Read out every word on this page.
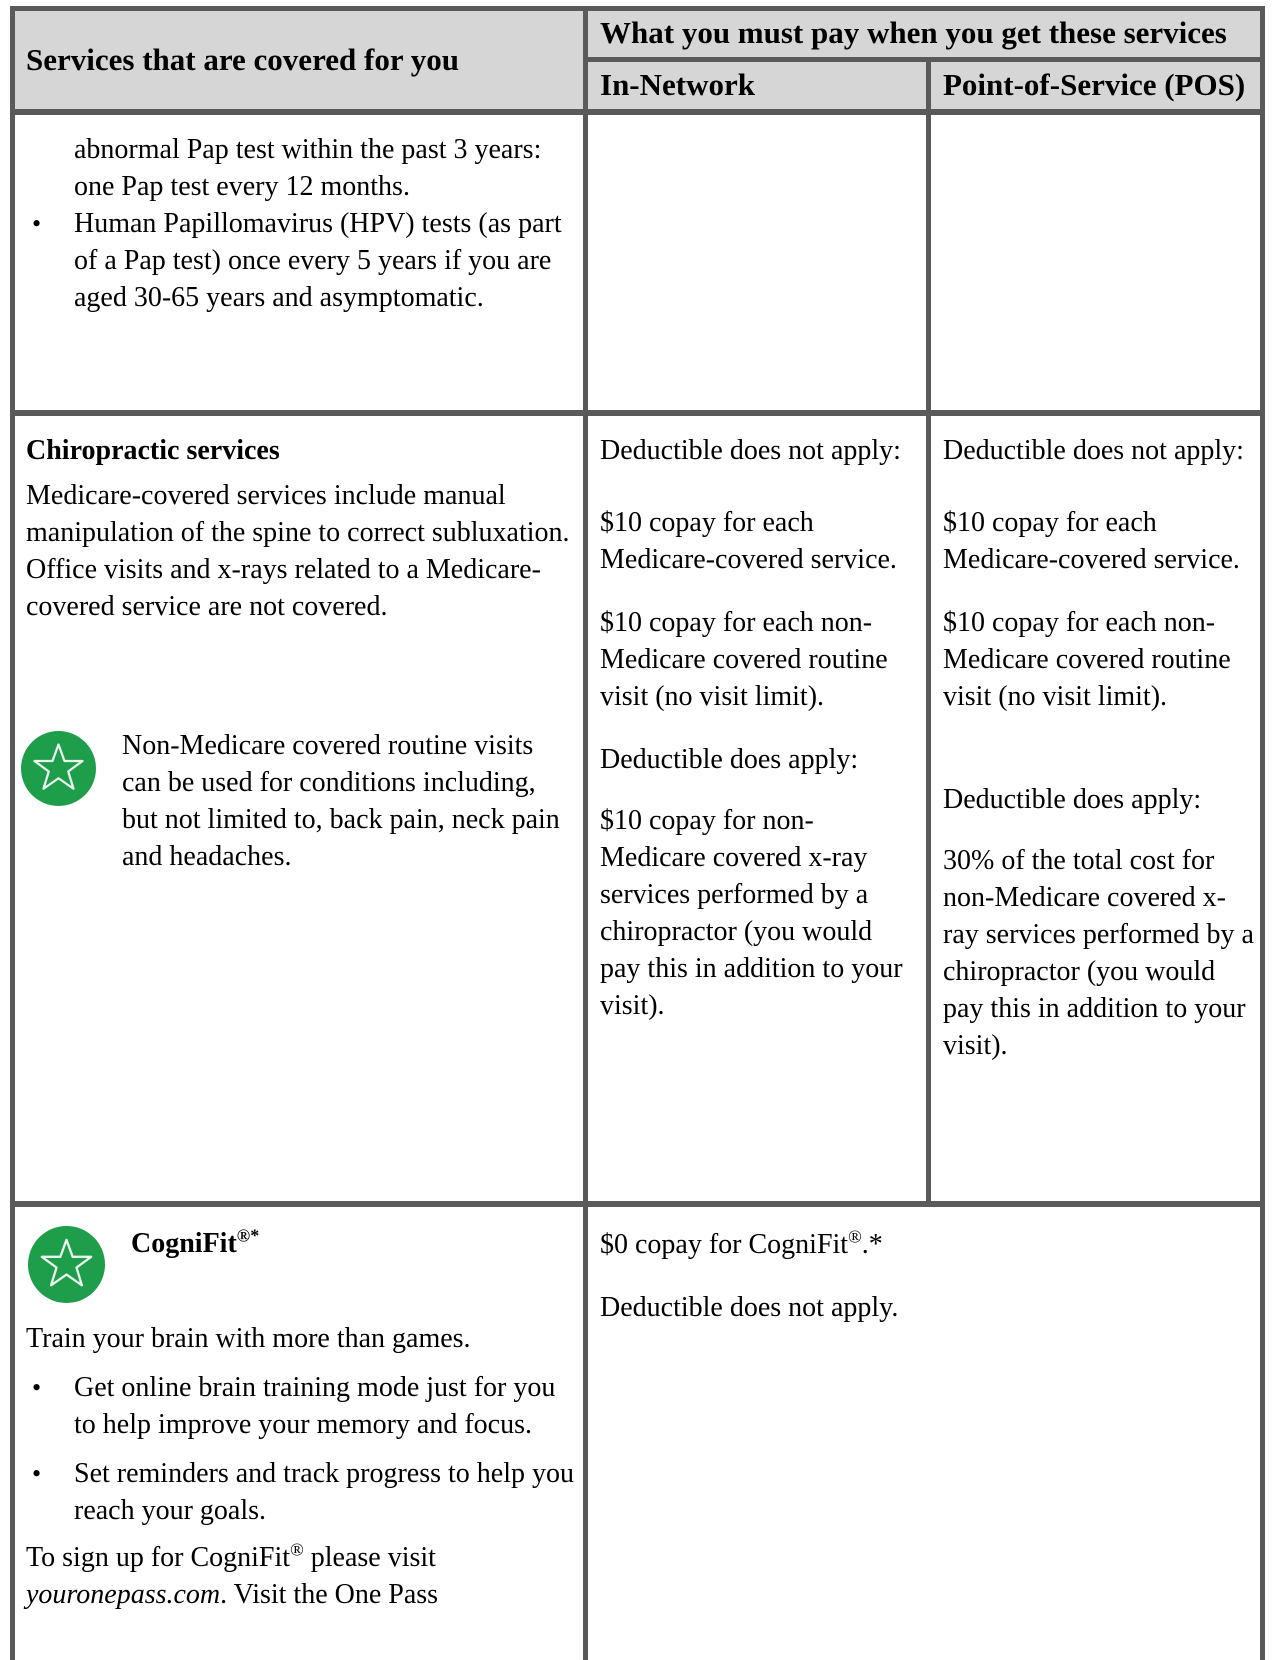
Services that are covered for you
What you must pay when you get these services
In-Network	Point-of-Service (POS)
abnormal Pap test within the past 3 years: one Pap test every 12 months.
• Human Papillomavirus (HPV) tests (as part of a Pap test) once every 5 years if you are aged 30-65 years and asymptomatic.
Chiropractic services
Medicare-covered services include manual manipulation of the spine to correct subluxation. Office visits and x-rays related to a Medicare-covered service are not covered.
Non-Medicare covered routine visits can be used for conditions including, but not limited to, back pain, neck pain and headaches.

Deductible does not apply:

$10 copay for each Medicare-covered service.

$10 copay for each non-Medicare covered routine visit (no visit limit).

Deductible does apply:

$10 copay for non-Medicare covered x-ray services performed by a chiropractor (you would pay this in addition to your visit).

Deductible does not apply:

$10 copay for each Medicare-covered service.

$10 copay for each non-Medicare covered routine visit (no visit limit).

Deductible does apply:

30% of the total cost for non-Medicare covered x-ray services performed by a chiropractor (you would pay this in addition to your visit).

CogniFit®*
Train your brain with more than games.
• Get online brain training mode just for you to help improve your memory and focus.
• Set reminders and track progress to help you reach your goals.
To sign up for CogniFit® please visit youronepass.com. Visit the One Pass

$0 copay for CogniFit®.*

Deductible does not apply.
